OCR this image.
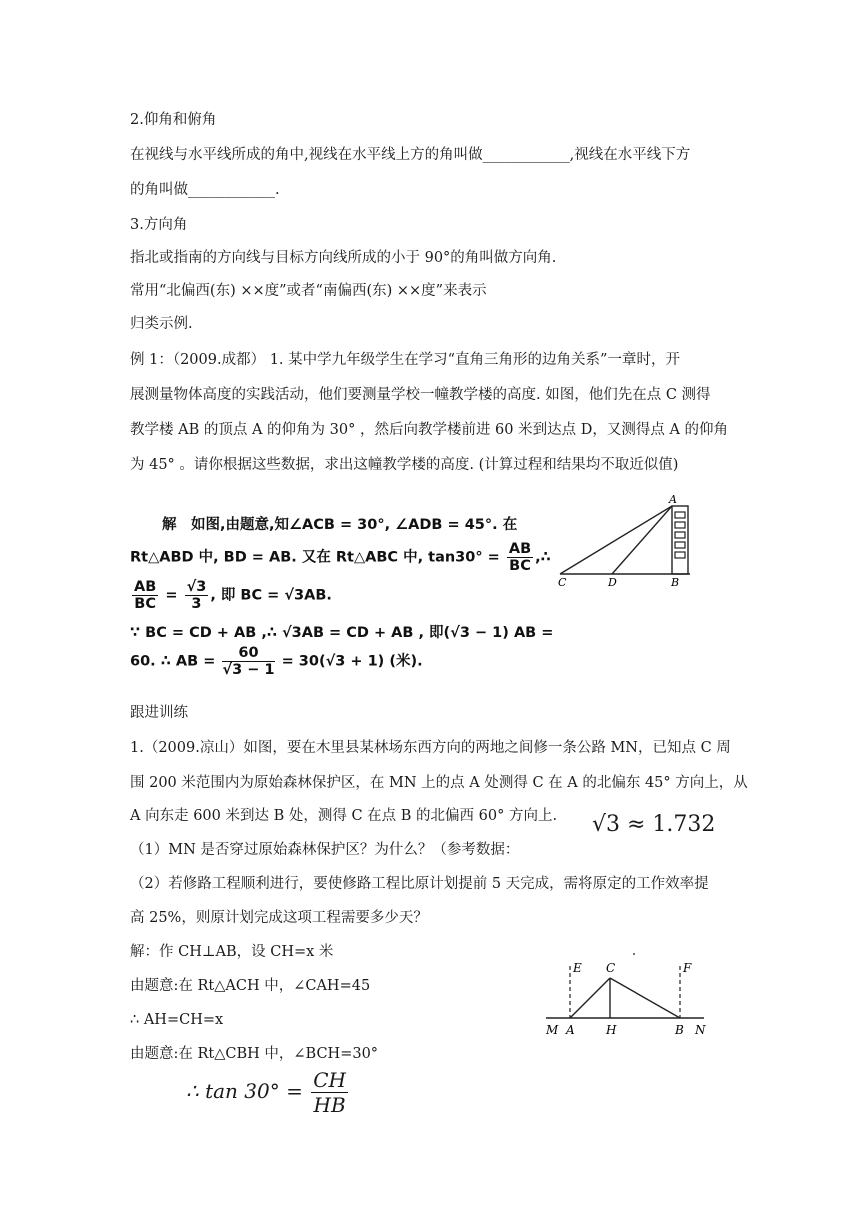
2.仰角和俯角
在视线与水平线所成的角中,视线在水平线上方的角叫做____________,视线在水平线下方
的角叫做____________.
3.方向角
指北或指南的方向线与目标方向线所成的小于 90°的角叫做方向角.
常用“北偏西(东) ××度”或者“南偏西(东) ××度”来表示
归类示例.
例 1：（2009.成都） 1. 某中学九年级学生在学习“直角三角形的边角关系”一章时，开
展测量物体高度的实践活动，他们要测量学校一幢教学楼的高度. 如图，他们先在点 C 测得
教学楼 AB 的顶点 A 的仰角为 30° ，然后向教学楼前进 60 米到达点 D，又测得点 A 的仰角
为 45° 。请你根据这些数据，求出这幢教学楼的高度. (计算过程和结果均不取近似值)
解　如图,由题意,知∠ACB = 30°, ∠ADB = 45°. 在
Rt△ABD 中, BD = AB. 又在 Rt△ABC 中, $\tan 30^\circ = \frac{AB}{BC}$ ,∴
$\frac{AB}{BC} = \frac{√3}{3}$ , 即 BC = √3AB.
∵ BC = CD + AB ,∴ √3AB = CD + AB , 即(√3 − 1) AB =
60. ∴ AB = $\frac{60}{√3 - 1} = 30(√3 + 1)$ (米).
A
B
C	D
跟进训练
1.（2009.凉山）如图，要在木里县某林场东西方向的两地之间修一条公路 MN，已知点 C 周
围 200 米范围内为原始森林保护区，在 MN 上的点 A 处测得 C 在 A 的北偏东 45° 方向上，从
A 向东走 600 米到达 B 处，测得 C 在点 B 的北偏西 60° 方向上.
（1）MN 是否穿过原始森林保护区？为什么？（参考数据：
√3 ≈ 1.732
（2）若修路工程顺利进行，要使修路工程比原计划提前 5 天完成，需将原定的工作效率提
高 25%，则原计划完成这项工程需要多少天？
解：作 CH⊥AB，设 CH=x 米
由题意:在 Rt△ACH 中，∠CAH=45
∴ AH=CH=x
由题意:在 Rt△CBH 中，∠BCH=30°
∴ $\tan 30^\circ = \frac{CH}{HB}$
E C	F
M A	H	B N
